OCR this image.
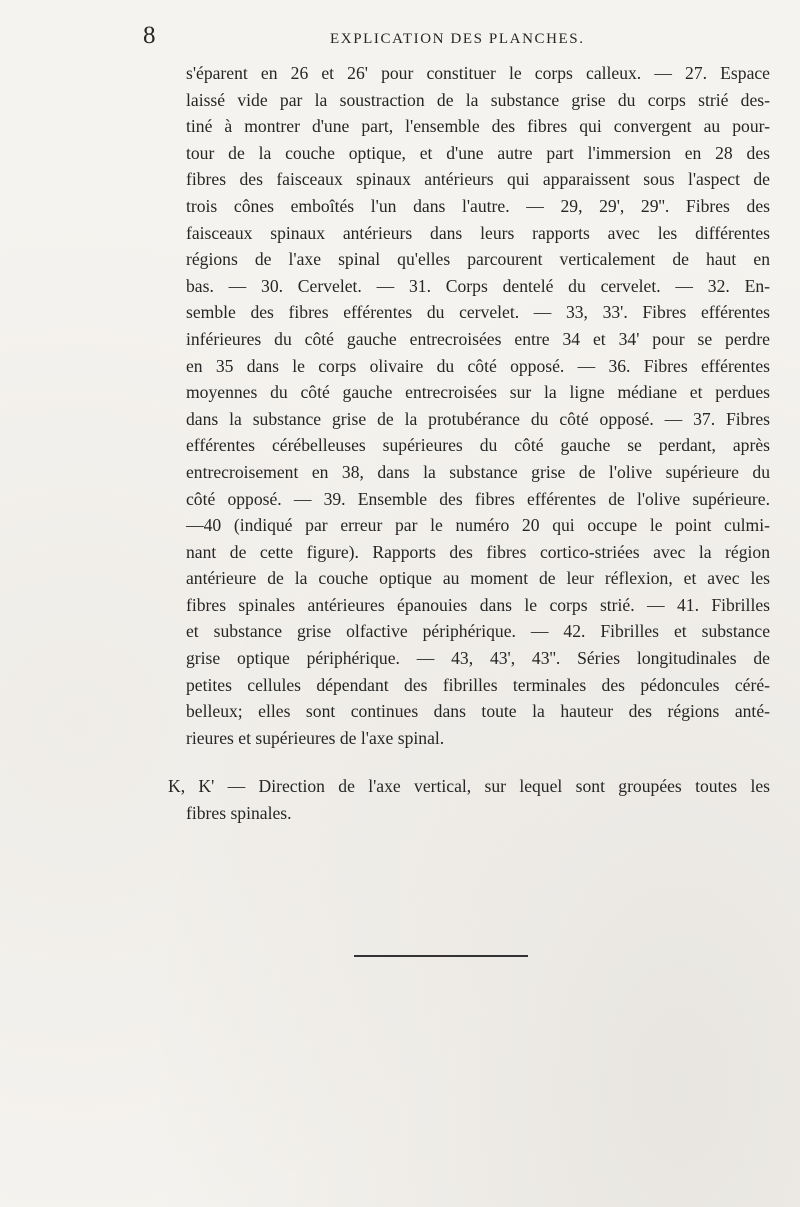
8	EXPLICATION DES PLANCHES.
s'éparent en 26 et 26' pour constituer le corps calleux. — 27. Espace
laissé vide par la soustraction de la substance grise du corps strié des-
tiné à montrer d'une part, l'ensemble des fibres qui convergent au pour-
tour de la couche optique, et d'une autre part l'immersion en 28 des
fibres des faisceaux spinaux antérieurs qui apparaissent sous l'aspect de
trois cônes emboîtés l'un dans l'autre. — 29, 29', 29''. Fibres des
faisceaux spinaux antérieurs dans leurs rapports avec les différentes
régions de l'axe spinal qu'elles parcourent verticalement de haut en
bas. — 30. Cervelet. — 31. Corps dentelé du cervelet. — 32. En-
semble des fibres efférentes du cervelet. — 33, 33'. Fibres efférentes
inférieures du côté gauche entrecroisées entre 34 et 34' pour se perdre
en 35 dans le corps olivaire du côté opposé. — 36. Fibres efférentes
moyennes du côté gauche entrecroisées sur la ligne médiane et perdues
dans la substance grise de la protubérance du côté opposé. — 37. Fibres
efférentes cérébelleuses supérieures du côté gauche se perdant, après
entrecroisement en 38, dans la substance grise de l'olive supérieure du
côté opposé. — 39. Ensemble des fibres efférentes de l'olive supérieure.
—40 (indiqué par erreur par le numéro 20 qui occupe le point culmi-
nant de cette figure). Rapports des fibres cortico-striées avec la région
antérieure de la couche optique au moment de leur réflexion, et avec les
fibres spinales antérieures épanouies dans le corps strié. — 41. Fibrilles
et substance grise olfactive périphérique. — 42. Fibrilles et substance
grise optique périphérique. — 43, 43', 43''. Séries longitudinales de
petites cellules dépendant des fibrilles terminales des pédoncules céré-
belleux; elles sont continues dans toute la hauteur des régions anté-
rieures et supérieures de l'axe spinal.
K, K' — Direction de l'axe vertical, sur lequel sont groupées toutes les
fibres spinales.
